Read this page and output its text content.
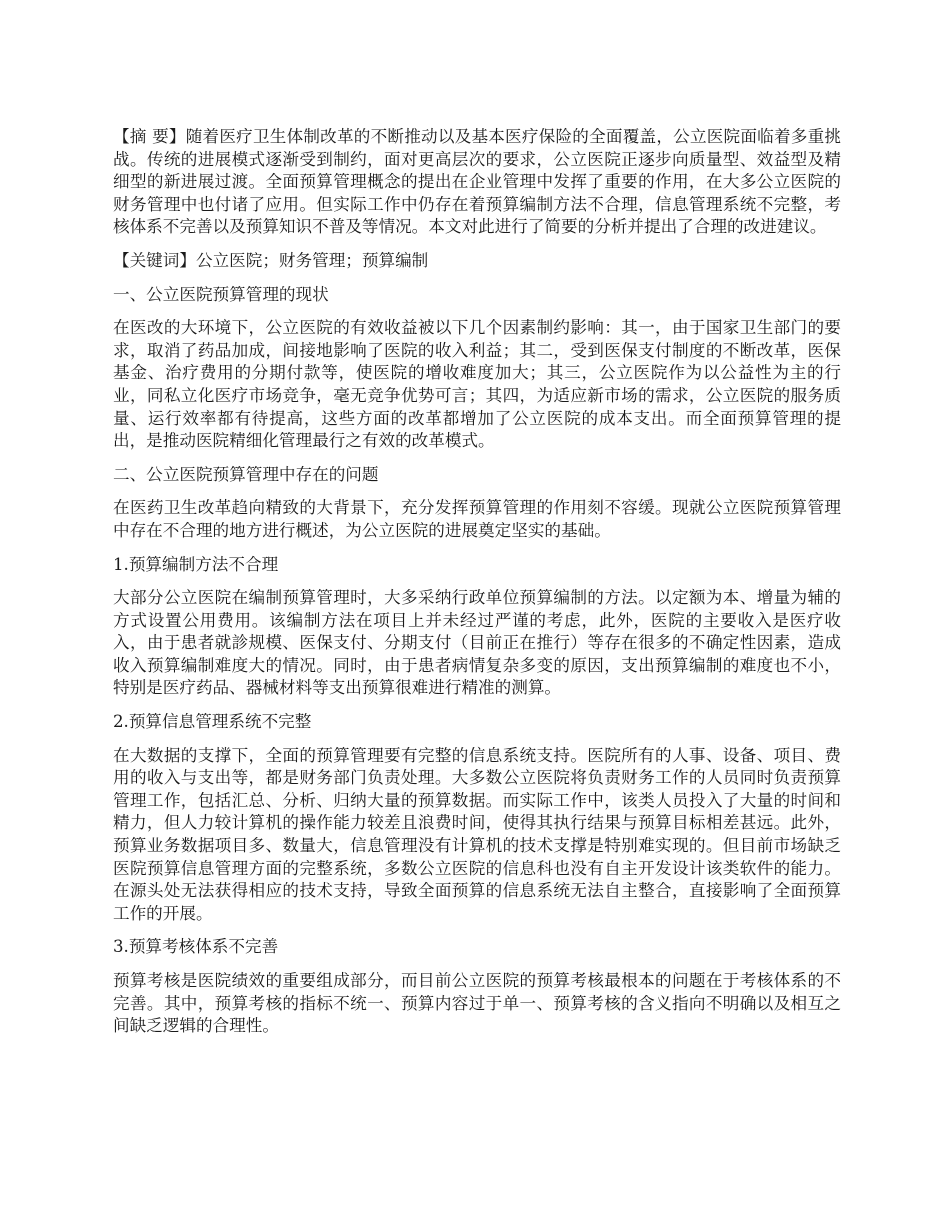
【摘 要】随着医疗卫生体制改革的不断推动以及基本医疗保险的全面覆盖，公立医院面临着多重挑战。传统的进展模式逐渐受到制约，面对更高层次的要求，公立医院正逐步向质量型、效益型及精细型的新进展过渡。全面预算管理概念的提出在企业管理中发挥了重要的作用，在大多公立医院的财务管理中也付诸了应用。但实际工作中仍存在着预算编制方法不合理，信息管理系统不完整，考核体系不完善以及预算知识不普及等情况。本文对此进行了简要的分析并提出了合理的改进建议。

【关键词】公立医院；财务管理；预算编制

一、公立医院预算管理的现状

在医改的大环境下，公立医院的有效收益被以下几个因素制约影响：其一，由于国家卫生部门的要求，取消了药品加成，间接地影响了医院的收入利益；其二，受到医保支付制度的不断改革，医保基金、治疗费用的分期付款等，使医院的增收难度加大；其三，公立医院作为以公益性为主的行业，同私立化医疗市场竞争，毫无竞争优势可言；其四，为适应新市场的需求，公立医院的服务质量、运行效率都有待提高，这些方面的改革都增加了公立医院的成本支出。而全面预算管理的提出，是推动医院精细化管理最行之有效的改革模式。

二、公立医院预算管理中存在的问题

在医药卫生改革趋向精致的大背景下，充分发挥预算管理的作用刻不容缓。现就公立医院预算管理中存在不合理的地方进行概述，为公立医院的进展奠定坚实的基础。

1.预算编制方法不合理

大部分公立医院在编制预算管理时，大多采纳行政单位预算编制的方法。以定额为本、增量为辅的方式设置公用费用。该编制方法在项目上并未经过严谨的考虑，此外，医院的主要收入是医疗收入，由于患者就診规模、医保支付、分期支付（目前正在推行）等存在很多的不确定性因素，造成收入预算编制难度大的情况。同时，由于患者病情复杂多变的原因，支出预算编制的难度也不小，特别是医疗药品、器械材料等支出预算很难进行精准的测算。

2.预算信息管理系统不完整

在大数据的支撑下，全面的预算管理要有完整的信息系统支持。医院所有的人事、设备、项目、费用的收入与支出等，都是财务部门负责处理。大多数公立医院将负责财务工作的人员同时负责预算管理工作，包括汇总、分析、归纳大量的预算数据。而实际工作中，该类人员投入了大量的时间和精力，但人力较计算机的操作能力较差且浪费时间，使得其执行结果与预算目标相差甚远。此外，预算业务数据项目多、数量大，信息管理没有计算机的技术支撑是特别难实现的。但目前市场缺乏医院预算信息管理方面的完整系统，多数公立医院的信息科也没有自主开发设计该类软件的能力。在源头处无法获得相应的技术支持，导致全面预算的信息系统无法自主整合，直接影响了全面预算工作的开展。

3.预算考核体系不完善

预算考核是医院绩效的重要组成部分，而目前公立医院的预算考核最根本的问题在于考核体系的不完善。其中，预算考核的指标不统一、预算内容过于单一、预算考核的含义指向不明确以及相互之间缺乏逻辑的合理性。
